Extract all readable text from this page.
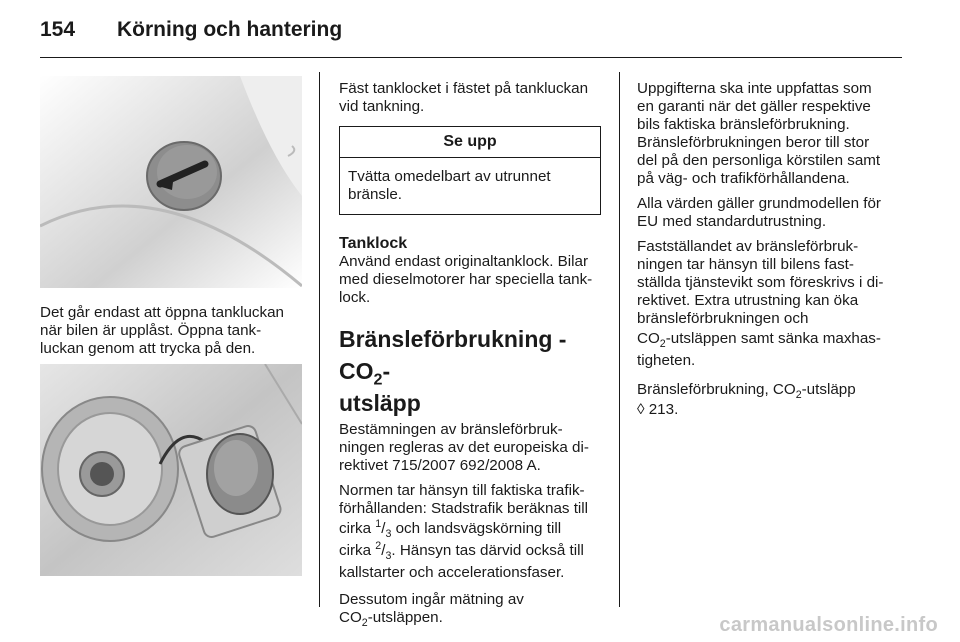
154 Körning och hantering
Det går endast att öppna tankluckan
när bilen är upplåst. Öppna tank-
luckan genom att trycka på den.
Fäst tanklocket i fästet på tankluckan
vid tankning.
Se upp
Tvätta omedelbart av utrunnet
bränsle.
Tanklock
Använd endast originaltanklock. Bilar
med dieselmotorer har speciella tank-
lock.
Bränsleförbrukning - $CO_2-$
utsläpp
Bestämningen av bränsleförbruk-
ningen regleras av det europeiska di-
rektivet 715/2007 692/2008 A.
Normen tar hänsyn till faktiska trafik-
förhållanden: Stadstrafik beräknas till
cirka $^1/_3$ och landsvägskörning till
cirka $^2/_3$. Hänsyn tas därvid också till
kallstarter och accelerationsfaser.
Dessutom ingår mätning av
$CO_2$-utsläppen.
Uppgifterna ska inte uppfattas som
en garanti när det gäller respektive
bils faktiska bränsleförbrukning.
Bränsleförbrukningen beror till stor
del på den personliga körstilen samt
på väg- och trafikförhållandena.
Alla värden gäller grundmodellen för
EU med standardutrustning.
Fastställandet av bränsleförbruk-
ningen tar hänsyn till bilens fast-
ställda tjänstevikt som föreskrivs i di-
rektivet. Extra utrustning kan öka
bränsleförbrukningen och
$CO_2$-utsläppen samt sänka maxhas-
tigheten.
Bränsleförbrukning, $CO_2$-utsläpp
◊ 213.
carmanualsonline.info
